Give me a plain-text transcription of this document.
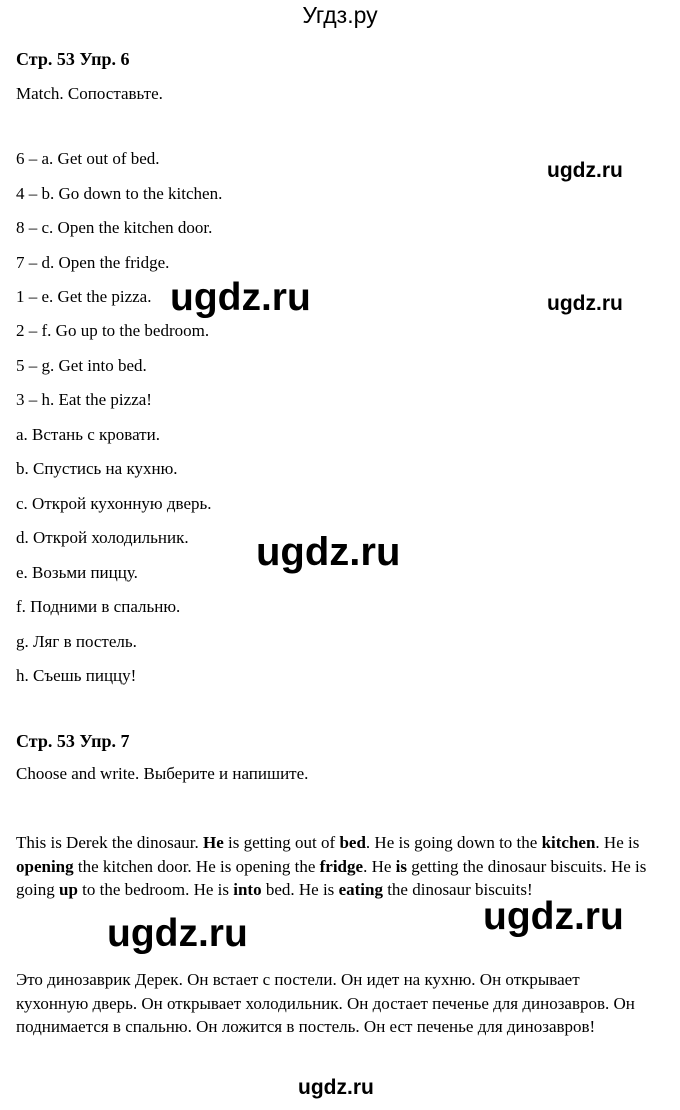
Угдз.ру
Стр. 53 Упр. 6
Match. Сопоставьте.
6 – a. Get out of bed.
4 – b. Go down to the kitchen.
8 – c. Open the kitchen door.
7 – d. Open the fridge.
1 – e. Get the pizza.
2 – f. Go up to the bedroom.
5 – g. Get into bed.
3 – h. Eat the pizza!
a. Встань с кровати.
b. Спустись на кухню.
c. Открой кухонную дверь.
d. Открой холодильник.
e. Возьми пиццу.
f. Подними в спальню.
g. Ляг в постель.
h. Съешь пиццу!
Стр. 53 Упр. 7
Choose and write. Выберите и напишите.
This is Derek the dinosaur. He is getting out of bed. He is going down to the kitchen. He is opening the kitchen door. He is opening the fridge. He is getting the dinosaur biscuits. He is going up to the bedroom. He is into bed. He is eating the dinosaur biscuits!
Это динозаврик Дерек. Он встает с постели. Он идет на кухню. Он открывает кухонную дверь. Он открывает холодильник. Он достает печенье для динозавров. Он поднимается в спальню. Он ложится в постель. Он ест печенье для динозавров!
ugdz.ru
ugdz.ru	ugdz.ru
ugdz.ru
ugdz.ru
ugdz.ru
ugdz.ru
